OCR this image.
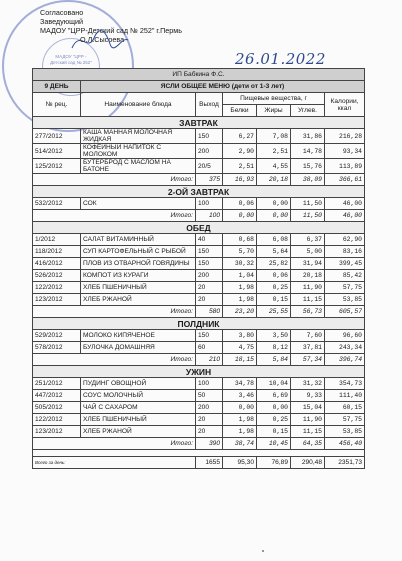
МАДОУ "ЦРР - Детский сад № 252"
Согласовано
Заведующий
МАДОУ "ЦРР-Детский сад № 252" г.Пермь
О.Л.Сысоева
26.01.2022
ИП Бабкина Ф.С.						
9 ДЕНЬ	ЯСЛИ ОБЩЕЕ МЕНЮ (дети от 1-3 лет)					
№ рец.	Наименование блюда	Выход	Пищевые вещества, г			Калории, ккал
			Белки	Жиры	Углев.	
ЗАВТРАК						
277/2012	КАША МАННАЯ МОЛОЧНАЯ ЖИДКАЯ	150	6,27	7,08	31,86	216,28
514/2012	КОФЕЙНЫЙ НАПИТОК С МОЛОКОМ	200	2,90	2,51	14,78	93,34
125/2012	БУТЕРБРОД С МАСЛОМ НА БАТОНЕ	20/5	2,51	4,55	15,76	113,89
Итого:		375	16,93	20,18	38,09	366,61
2-ОЙ ЗАВТРАК						
532/2012	СОК	100	0,06	0,00	11,50	46,00
Итого:		100	0,00	0,00	11,50	46,00
ОБЕД						
1/2012	САЛАТ ВИТАМИННЫЙ	40	0,68	6,08	6,37	62,90
118/2012	СУП КАРТОФЕЛЬНЫЙ С РЫБОЙ	150	5,70	5,64	5,00	83,16
416/2012	ПЛОВ ИЗ ОТВАРНОЙ ГОВЯДИНЫ	150	30,32	25,82	31,94	399,45
526/2012	КОМПОТ ИЗ КУРАГИ	200	1,04	0,06	20,18	85,42
122/2012	ХЛЕБ ПШЕНИЧНЫЙ	20	1,98	0,25	11,90	57,75
123/2012	ХЛЕБ РЖАНОЙ	20	1,98	0,15	11,15	53,85
Итого:		580	23,20	25,55	56,73	605,57
ПОЛДНИК						
529/2012	МОЛОКО КИПЯЧЕНОЕ	150	3,80	3,50	7,60	96,60
578/2012	БУЛОЧКА ДОМАШНЯЯ	60	4,75	8,12	37,81	243,34
Итого:		210	18,15	5,84	57,34	396,74
УЖИН						
251/2012	ПУДИНГ ОВОЩНОЙ	100	34,78	10,04	31,32	354,73
447/2012	СОУС МОЛОЧНЫЙ	50	3,46	6,69	9,33	111,40
505/2012	ЧАЙ С САХАРОМ	200	0,00	0,00	15,04	60,15
122/2012	ХЛЕБ ПШЕНИЧНЫЙ	20	1,98	0,25	11,90	57,75
123/2012	ХЛЕБ РЖАНОЙ	20	1,98	0,15	11,15	53,85
Итого:		390	38,74	10,45	64,35	456,40

Всего за день:		1655	95,30	76,89	290,48	2351,73
